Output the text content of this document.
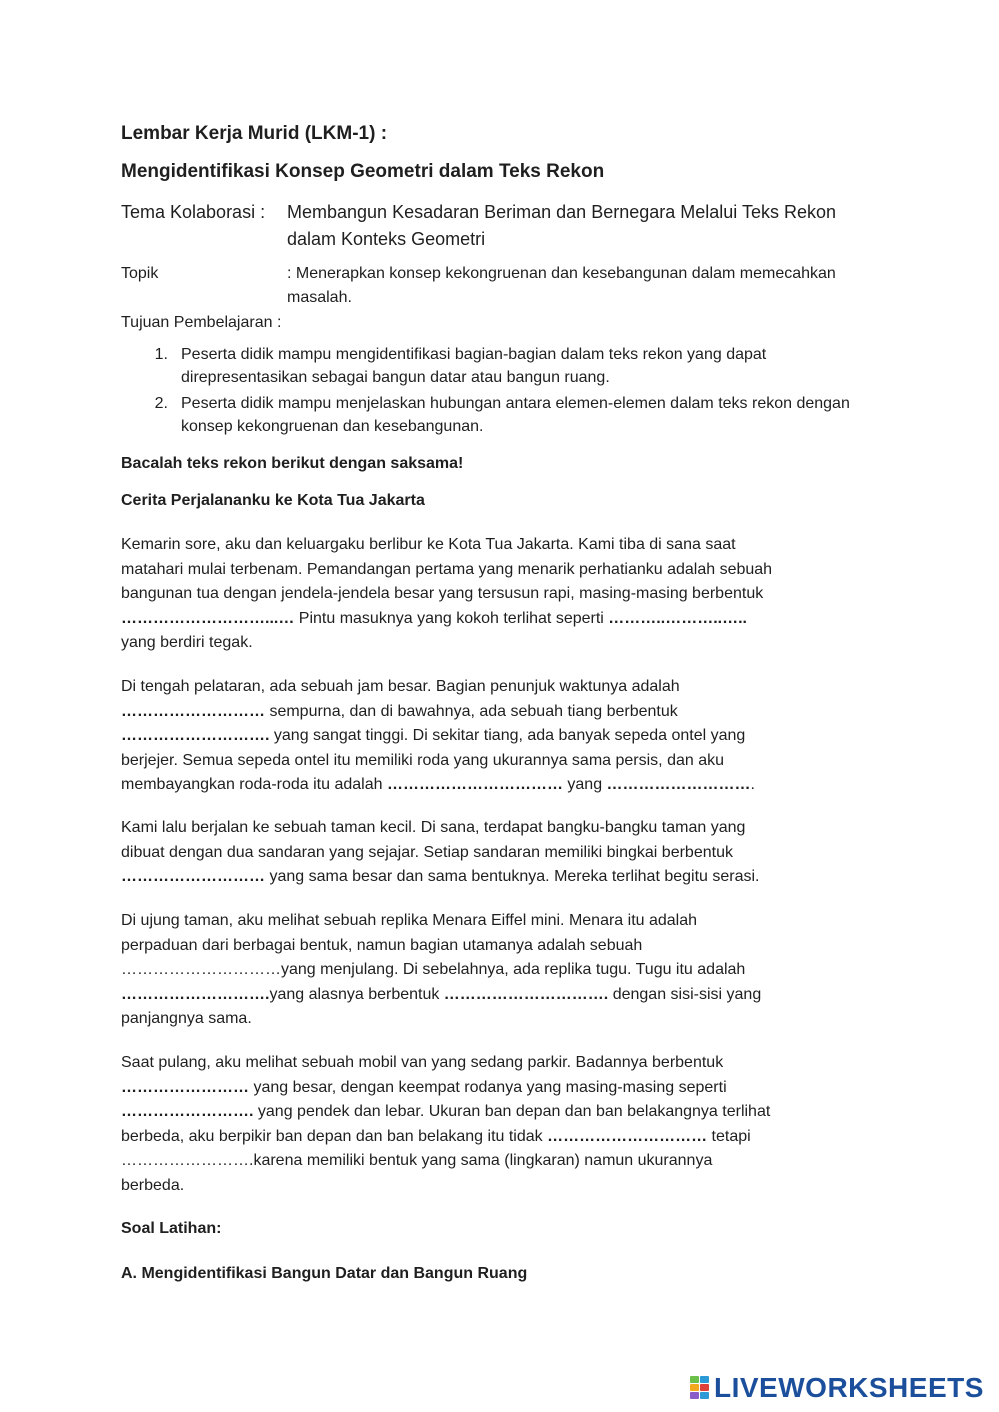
Lembar Kerja Murid (LKM-1) :
Mengidentifikasi Konsep Geometri dalam Teks Rekon
Tema Kolaborasi :	Membangun Kesadaran Beriman dan Bernegara Melalui Teks Rekon dalam Konteks Geometri
Topik	: Menerapkan konsep kekongruenan dan kesebangunan dalam memecahkan masalah.
Tujuan Pembelajaran :
1. Peserta didik mampu mengidentifikasi bagian-bagian dalam teks rekon yang dapat direpresentasikan sebagai bangun datar atau bangun ruang.
2. Peserta didik mampu menjelaskan hubungan antara elemen-elemen dalam teks rekon dengan konsep kekongruenan dan kesebangunan.
Bacalah teks rekon berikut dengan saksama!
Cerita Perjalananku ke Kota Tua Jakarta
Kemarin sore, aku dan keluargaku berlibur ke Kota Tua Jakarta. Kami tiba di sana saat
matahari mulai terbenam. Pemandangan pertama yang menarik perhatianku adalah sebuah
bangunan tua dengan jendela-jendela besar yang tersusun rapi, masing-masing berbentuk
………………………...… Pintu masuknya yang kokoh terlihat seperti ………..………..…..
yang berdiri tegak.
Di tengah pelataran, ada sebuah jam besar. Bagian penunjuk waktunya adalah
……………………… sempurna, dan di bawahnya, ada sebuah tiang berbentuk
………………………. yang sangat tinggi. Di sekitar tiang, ada banyak sepeda ontel yang
berjejer. Semua sepeda ontel itu memiliki roda yang ukurannya sama persis, dan aku
membayangkan roda-roda itu adalah …………………………… yang ……………………….
Kami lalu berjalan ke sebuah taman kecil. Di sana, terdapat bangku-bangku taman yang
dibuat dengan dua sandaran yang sejajar. Setiap sandaran memiliki bingkai berbentuk
……………………… yang sama besar dan sama bentuknya. Mereka terlihat begitu serasi.
Di ujung taman, aku melihat sebuah replika Menara Eiffel mini. Menara itu adalah
perpaduan dari berbagai bentuk, namun bagian utamanya adalah sebuah
…………………………yang menjulang. Di sebelahnya, ada replika tugu. Tugu itu adalah
……………………….yang alasnya berbentuk …………………………. dengan sisi-sisi yang
panjangnya sama.
Saat pulang, aku melihat sebuah mobil van yang sedang parkir. Badannya berbentuk
…………………… yang besar, dengan keempat rodanya yang masing-masing seperti
……………………. yang pendek dan lebar. Ukuran ban depan dan ban belakangnya terlihat
berbeda, aku berpikir ban depan dan ban belakang itu tidak ………………………… tetapi
…………………….karena memiliki bentuk yang sama (lingkaran) namun ukurannya
berbeda.
Soal Latihan:
A. Mengidentifikasi Bangun Datar dan Bangun Ruang
LIVEWORKSHEETS
